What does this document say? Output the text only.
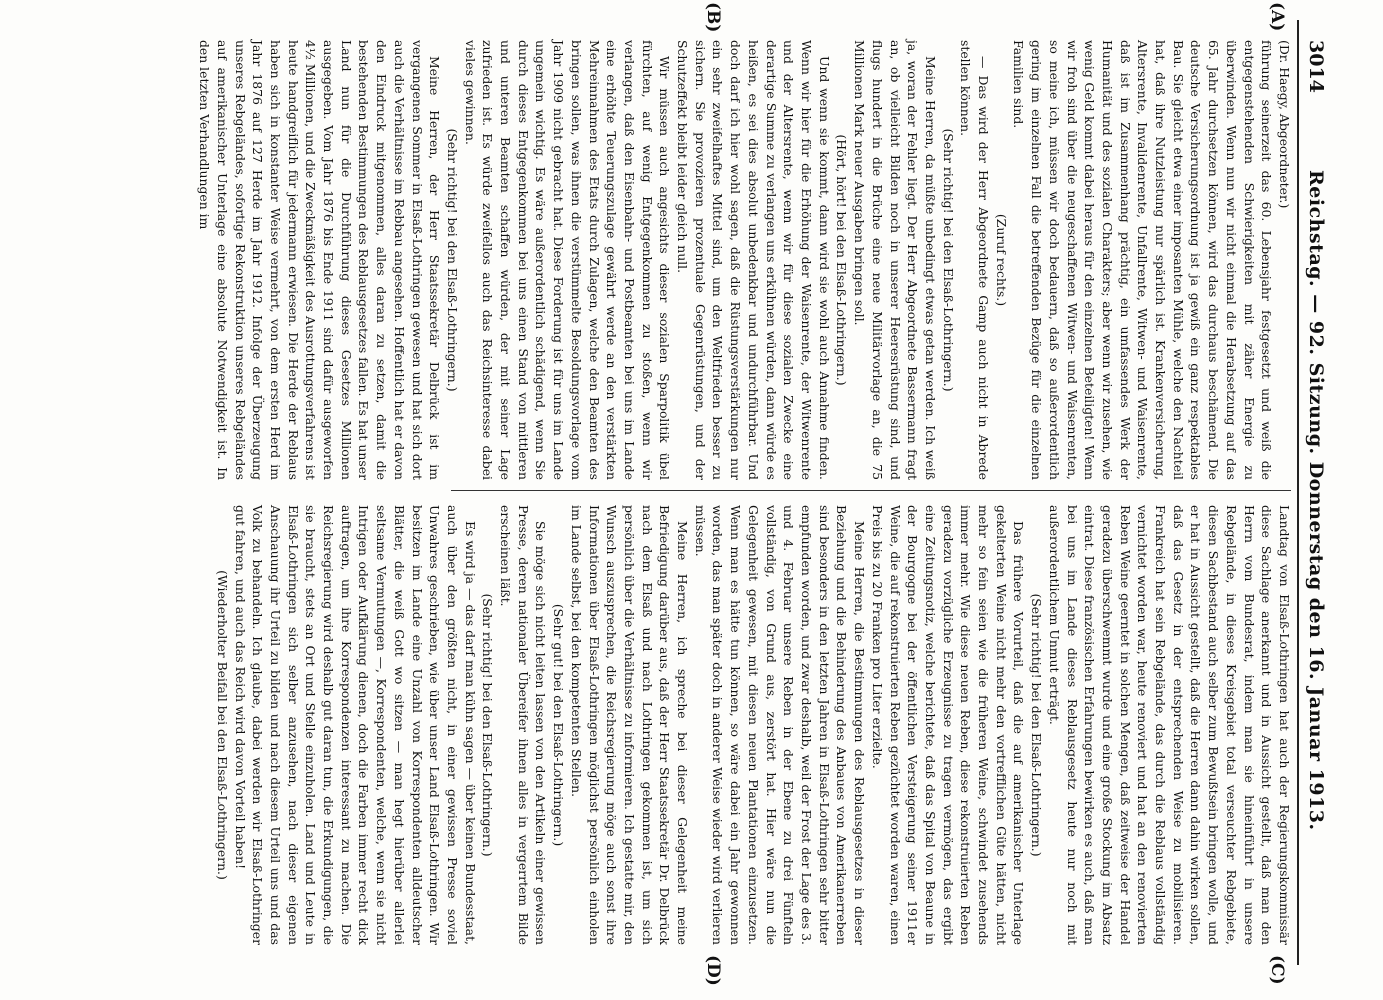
3014
Reichstag. — 92. Sitzung. Donnerstag den 16. Januar 1913.
(A)
(B)
(C)
(D)

(Dr. Haegy, Abgeordneter.)

führung seinerzeit das 60. Lebensjahr festgesetzt und weiß die entgegenstehenden Schwierigkeiten mit zäher Energie zu überwinden. Wenn nun wir nicht einmal die Herabsetzung auf das 65. Jahr durchsetzen können, wird das durchaus beschämend. Die deutsche Versicherungsordnung ist ja gewiß ein ganz respektables Bau. Sie gleicht etwa einer imposanten Mühle, welche den Nachteil hat, daß ihre Nutzleistung nur spärlich ist. Krankenversicherung, Altersrente, Invalidenrente, Unfallrente, Witwen- und Waisenrente, daß ist im Zusammenhang prächtig, ein umfassendes Werk der Humanität und des sozialen Charakters; aber wenn wir zusehen, wie wenig Geld kommt dabei heraus für den einzelnen Beteiligten! Wenn wir froh sind über die neugeschaffenen Witwen- und Waisenrenten, so meine ich, müssen wir doch bedauern, daß so außerordentlich gering im einzelnen Fall die betreffenden Bezüge für die einzelnen Familien sind.

(Zuruf rechts.)

— Das wird der Herr Abgeordnete Gamp auch nicht in Abrede stellen können.

(Sehr richtig! bei den Elsaß-Lothringern.)

Meine Herren, da müßte unbedingt etwas getan werden. Ich weiß ja, woran der Fehler liegt. Der Herr Abgeordnete Bassermann fragt an, ob vielleicht Bilden noch in unserer Heeresrüstung sind, und flugs hundert in die Brüche eine neue Militärvorlage an, die 75 Millionen Mark neuer Ausgaben bringen soll.

(Hört, hört! bei den Elsaß-Lothringern.)

Und wenn sie kommt, dann wird sie wohl auch Annahme finden. Wenn wir hier für die Erhöhung der Waisenrente, der Witwenrente und der Altersrente, wenn wir für diese sozialen Zwecke eine derartige Summe zu verlangen uns erkühnen würden, dann würde es heißen, es sei dies absolut unbedenkbar und undurchführbar. Und doch darf ich hier wohl sagen, daß die Rüstungsverstärkungen nur ein sehr zweifelhaftes Mittel sind, um den Weltfrieden besser zu sichern. Sie provozieren prozentuale Gegenrüstungen, und der Schutzeffekt bleibt leider gleich null.

Wir müssen auch angesichts dieser sozialen Sparpolitik übel fürchten, auf wenig Entgegenkommen zu stoßen, wenn wir verlangen, daß den Eisenbahn- und Postbeamten bei uns im Lande eine erhöhte Teuerungszulage gewährt werde an den verstärkten Mehreinnahmen des Etats durch Zulagen, welche den Beamten des bringen sollen, was ihnen die verstümmelte Besoldungsvorlage vom Jahr 1909 nicht gebracht hat. Diese Forderung ist für uns im Lande ungemein wichtig. Es wäre außerordentlich schädigend, wenn Sie durch dieses Entgegenkommen bei uns einen Stand von mittleren und unteren Beamten schaffen würden, der mit seiner Lage zufrieden ist. Es würde zweifellos auch das Reichsinteresse dabei vieles gewinnen.

(Sehr richtig! bei den Elsaß-Lothringern.)

Meine Herren, der Herr Staatssekretär Delbrück ist im vergangenen Sommer in Elsaß-Lothringen gewesen und hat sich dort auch die Verhältnisse im Rebbau angesehen. Hoffentlich hat er davon den Eindruck mitgenommen, alles daran zu setzen, damit die bestehenden Bestimmungen des Reblausgesetzes fallen. Es hat unser Land nun für die Durchführung dieses Gesetzes Millionen ausgegeben. Vom Jahr 1876 bis Ende 1911 sind dafür ausgeworfen 4½ Millionen, und die Zweckmäßigkeit des Ausrottungsverfahrens ist heute handgreiflich für jedermann erwiesen. Die Herde der Reblaus haben sich in konstanter Weise vermehrt, von dem ersten Herd im Jahr 1876 auf 127 Herde im Jahr 1912. Infolge der Überzeugung unseres Rebgeländes, sofortige Rekonstruktion unseres Rebgeländes auf amerikanischer Unterlage eine absolute Notwendigkeit ist. In den letzten Verhandlungen im

Landtag von Elsaß-Lothringen hat auch der Regierungskommissär diese Sachlage anerkannt und in Aussicht gestellt, daß man den Herrn vom Bundesrat, indem man sie hineinführt in unsere Rebgelände, in dieses Kreisgebiet total verseuchter Rebgebiete, diesen Sachbestand auch selber zum Bewußtsein bringen wolle, und er hat in Aussicht gestellt, daß die Herren dann dahin wirken sollen, daß das Gesetz in der entsprechenden Weise zu mobilisieren. Frankreich hat sein Rebgelände, das durch die Reblaus vollständig vernichtet worden war, heute renoviert und hat an den renovierten Reben Weine geerntet in solchen Mengen, daß zeitweise der Handel geradezu überschwemmt wurde und eine große Stockung im Absatz eintrat. Diese französischen Erfahrungen bewirken es auch, daß man bei uns im Lande dieses Reblausgesetz heute nur noch mit außerordentlichem Unmut erträgt.

(Sehr richtig! bei den Elsaß-Lothringern.)

Das frühere Vorurteil, daß die auf amerikanischer Unterlage gekelterten Weine nicht mehr den vortrefflichen Güte hätten, nicht mehr so fein seien wie die früheren Weine, schwindet zusehends immer mehr. Wie diese neuen Reben, diese rekonstruierten Reben geradezu vorzügliche Erzeugnisse zu tragen vermögen, das ergibt eine Zeitungsnotiz, welche berichtete, daß das Spital von Beaune in der Bourgogne bei der öffentlichen Versteigerung seiner 1911er Weine, die auf rekonstruierten Reben gezüchtet worden waren, einen Preis bis zu 20 Franken pro Liter erzielte.

Meine Herren, die Bestimmungen des Reblausgesetzes in dieser Beziehung und die Behinderung des Anbaues von Amerikanerreben sind besonders in den letzten Jahren in Elsaß-Lothringen sehr bitter empfunden worden, und zwar deshalb, weil der Frost der Lage des 3. und 4. Februar unsere Reben in der Ebene zu drei Fünfteln vollständig, von Grund aus, zerstört hat. Hier wäre nun die Gelegenheit gewesen, mit diesen neuen Plantationen einzusetzen. Wenn man es hätte tun können, so wäre dabei ein Jahr gewonnen worden, das man später doch in anderer Weise wieder wird verlieren müssen.

Meine Herren, ich spreche bei dieser Gelegenheit meine Befriedigung darüber aus, daß der Herr Staatssekretär Dr. Delbrück nach dem Elsaß und nach Lothringen gekommen ist, um sich persönlich über die Verhältnisse zu informieren. Ich gestatte mir, den Wunsch auszusprechen, die Reichsregierung möge auch sonst ihre Informationen über Elsaß-Lothringen möglichst persönlich einholen im Lande selbst, bei den kompetenten Stellen.

(Sehr gut! bei den Elsaß-Lothringern.)

Sie möge sich nicht leiten lassen von den Artikeln einer gewissen Presse, deren nationaler Übereifer ihnen alles in vergerrtem Bilde erscheinen läßt.

(Sehr richtig! bei den Elsaß-Lothringern.)

Es wird ja — das darf man kühn sagen — über keinen Bundesstaat, auch über den größten nicht, in einer gewissen Presse soviel Unwahres geschrieben, wie über unser Land Elsaß-Lothringen. Wir besitzen im Lande eine Unzahl von Korrespondenten alldeutscher Blätter, die weiß Gott wo sitzen — man hegt hierüber allerlei seltsame Vermutungen —, Korrespondenten, welche, wenn sie nicht Intrigen oder Aufklärung dienen, doch die Farben immer recht dick auftragen, um ihre Korrespondenzen interessant zu machen. Die Reichsregierung wird deshalb gut daran tun, die Erkundigungen, die sie braucht, stets an Ort und Stelle einzuholen. Land und Leute in Elsaß-Lothringen sich selber anzusehen, nach dieser eigenen Anschauung ihr Urteil zu bilden und nach diesem Urteil uns und das Volk zu behandeln. Ich glaube, dabei werden wir Elsaß-Lothringer gut fahren, und auch das Reich wird davon Vorteil haben!

(Wiederholter Beifall bei den Elsaß-Lothringern.)
